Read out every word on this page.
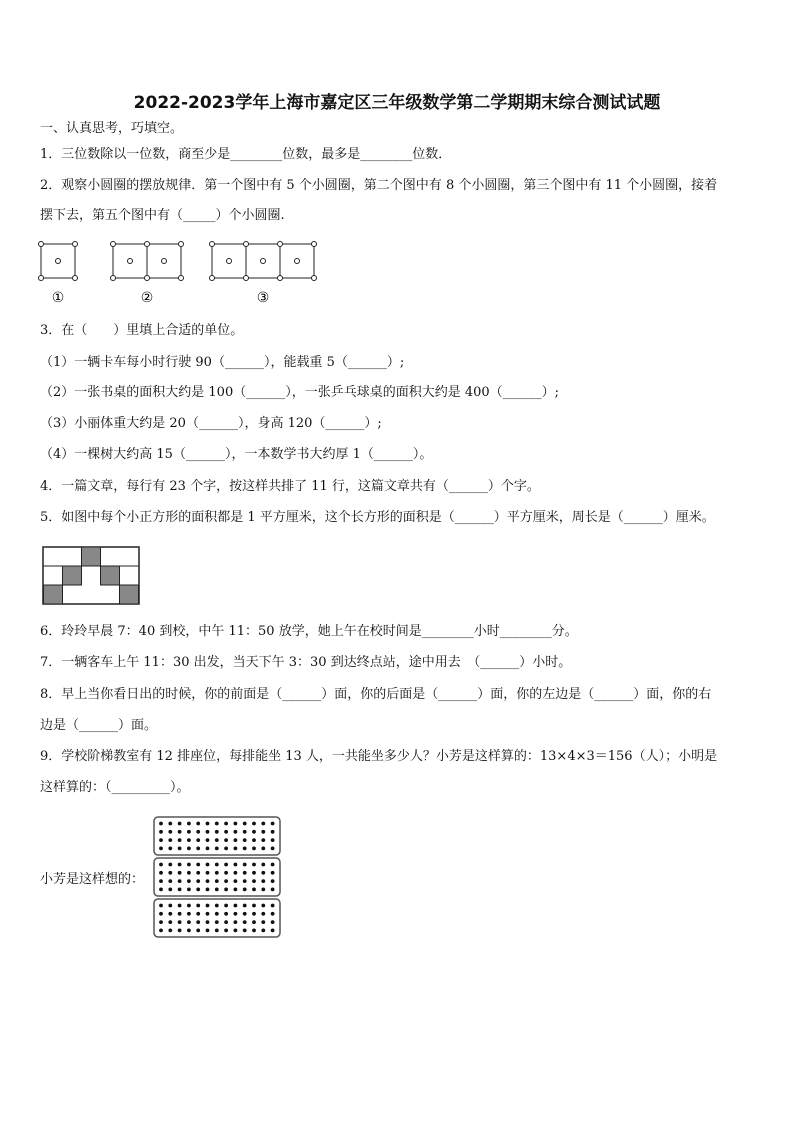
2022-2023学年上海市嘉定区三年级数学第二学期期末综合测试试题
一、认真思考，巧填空。
1．三位数除以一位数，商至少是________位数，最多是________位数．
2．观察小圆圈的摆放规律．第一个图中有 5 个小圆圈，第二个图中有 8 个小圆圈，第三个图中有 11 个小圆圈，接着
摆下去，第五个图中有（_____）个小圆圈.
①	②	③
3．在（　　）里填上合适的单位。
（1）一辆卡车每小时行驶 90（______），能载重 5（______）;
（2）一张书桌的面积大约是 100（______），一张乒乓球桌的面积大约是 400（______）;
（3）小丽体重大约是 20（______），身高 120（______）;
（4）一棵树大约高 15（______），一本数学书大约厚 1（______）。
4．一篇文章，每行有 23 个字，按这样共排了 11 行，这篇文章共有（______）个字。
5．如图中每个小正方形的面积都是 1 平方厘米，这个长方形的面积是（______）平方厘米，周长是（______）厘米。
6．玲玲早晨 7：40 到校，中午 11：50 放学，她上午在校时间是________小时________分。
7．一辆客车上午 11：30 出发，当天下午 3：30 到达终点站，途中用去　（______）小时。
8．早上当你看日出的时候，你的前面是（______）面，你的后面是（______）面，你的左边是（______）面，你的右
边是（______）面。
9．学校阶梯教室有 12 排座位，每排能坐 13 人，一共能坐多少人？小芳是这样算的：13×4×3＝156（人）；小明是
这样算的：（_________）。
小芳是这样想的：
